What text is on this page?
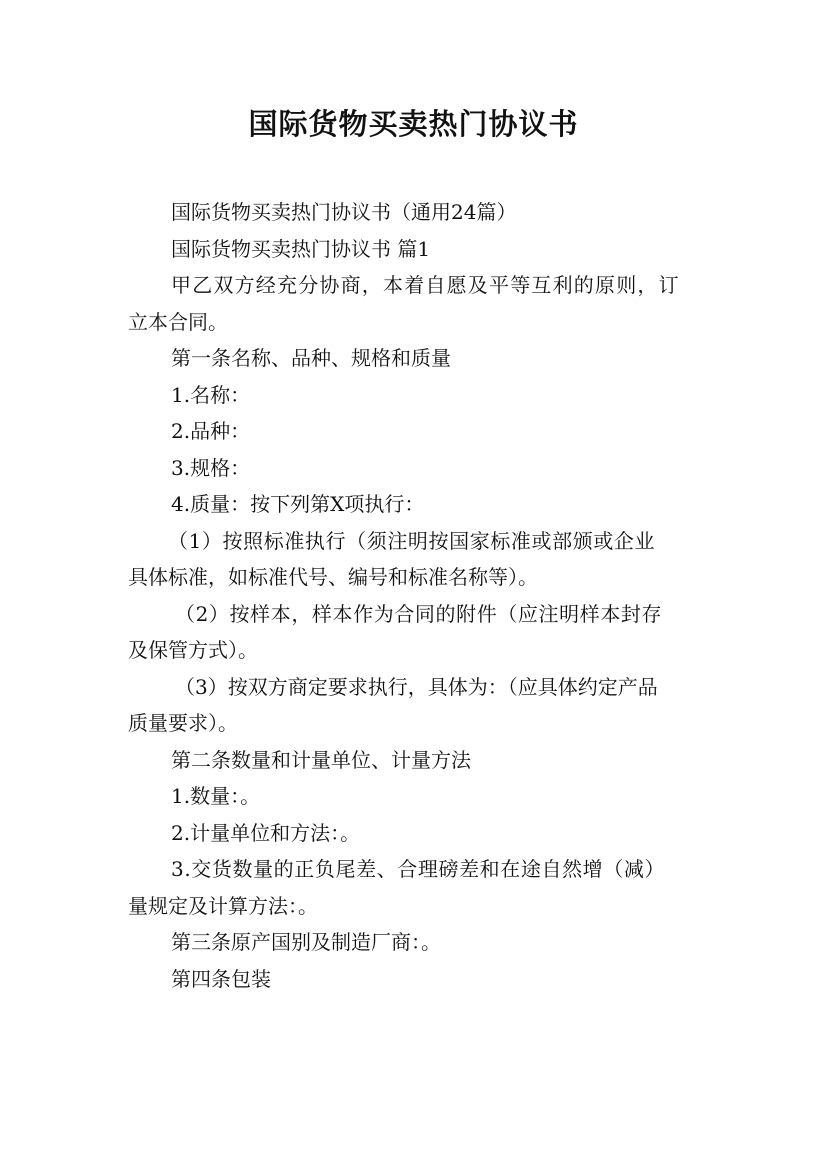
国际货物买卖热门协议书

国际货物买卖热门协议书（通用24篇）

国际货物买卖热门协议书 篇1

甲乙双方经充分协商，本着自愿及平等互利的原则，订

立本合同。

第一条名称、品种、规格和质量

1.名称：

2.品种：

3.规格：

4.质量：按下列第X项执行：

（1）按照标准执行（须注明按国家标准或部颁或企业

具体标准，如标准代号、编号和标准名称等）。

（2）按样本，样本作为合同的附件（应注明样本封存

及保管方式）。

（3）按双方商定要求执行，具体为：（应具体约定产品

质量要求）。

第二条数量和计量单位、计量方法

1.数量：。

2.计量单位和方法：。

3.交货数量的正负尾差、合理磅差和在途自然增（减）

量规定及计算方法：。

第三条原产国别及制造厂商：。

第四条包装
